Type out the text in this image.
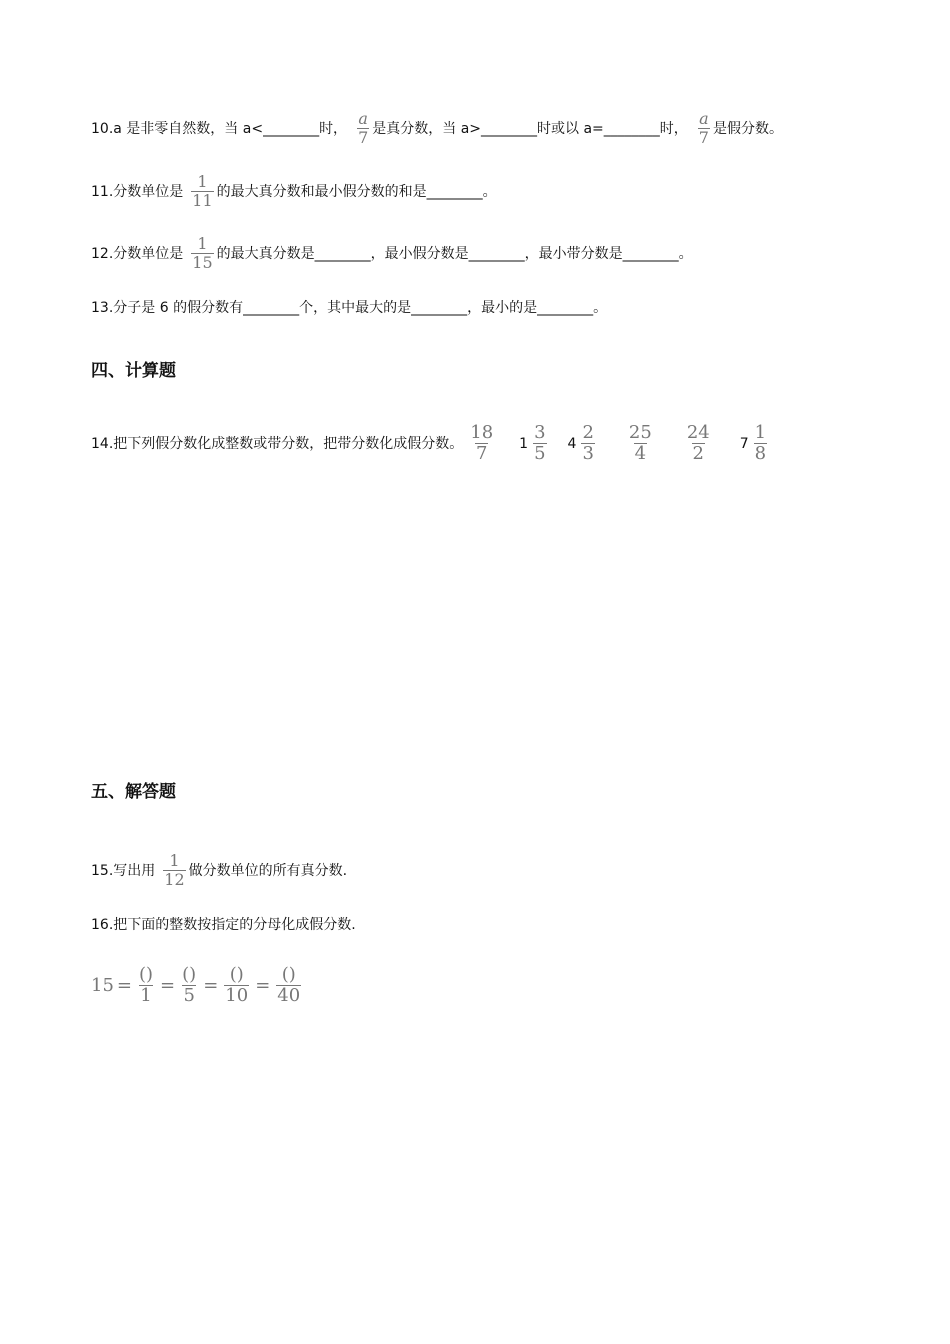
10.a 是非零自然数，当 a< ________ 时， $\frac{a}{7}$ 是真分数，当 a> ________ 时或以 a= ________ 时， $\frac{a}{7}$ 是假分数。
11.分数单位是 $\frac{1}{11}$ 的最大真分数和最小假分数的和是 ________ 。
12.分数单位是 $\frac{1}{15}$ 的最大真分数是 ________ ，最小假分数是 ________ ，最小带分数是 ________ 。
13.分子是 6 的假分数有 ________ 个，其中最大的是 ________ ，最小的是 ________ 。
四、计算题
14.把下列假分数化成整数或带分数，把带分数化成假分数。 $\frac{18}{7} 1 \frac{3}{5} 4 \frac{2}{3} \frac{25}{4} \frac{24}{2} 7 \frac{1}{8}$
五、解答题
15.写出用 $\frac{1}{12}$ 做分数单位的所有真分数.
16.把下面的整数按指定的分母化成假分数.
$15 = \frac{()}{1} = \frac{()}{5} = \frac{()}{10} = \frac{()}{40}$
